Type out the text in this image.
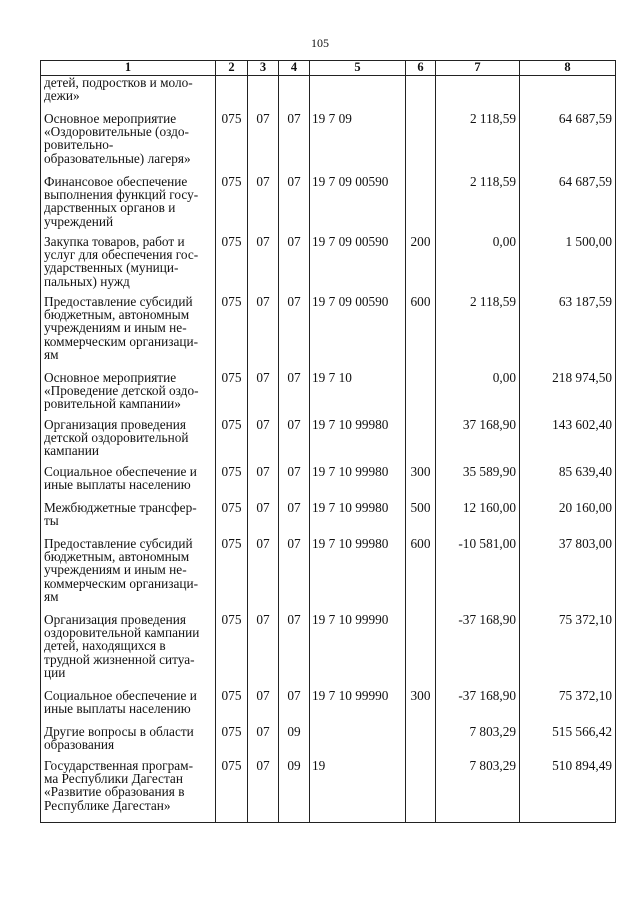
105
1	2	3	4	5	6	7	8

детей, подростков и моло-
дежи»							

Основное мероприятие
«Оздоровительные (оздо-
ровительно-
образовательные) лагеря»	075	07	07	19 7 09		2 118,59	64 687,59

Финансовое обеспечение
выполнения функций госу-
дарственных органов и
учреждений	075	07	07	19 7 09 00590		2 118,59	64 687,59

Закупка товаров, работ и
услуг для обеспечения гос-
ударственных (муници-
пальных) нужд	075	07	07	19 7 09 00590	200	0,00	1 500,00

Предоставление субсидий
бюджетным, автономным
учреждениям и иным не-
коммерческим организаци-
ям	075	07	07	19 7 09 00590	600	2 118,59	63 187,59

Основное мероприятие
«Проведение детской оздо-
ровительной кампании»	075	07	07	19 7 10		0,00	218 974,50

Организация проведения
детской оздоровительной
кампании	075	07	07	19 7 10 99980		37 168,90	143 602,40

Социальное обеспечение и
иные выплаты населению	075	07	07	19 7 10 99980	300	35 589,90	85 639,40

Межбюджетные трансфер-
ты	075	07	07	19 7 10 99980	500	12 160,00	20 160,00

Предоставление субсидий
бюджетным, автономным
учреждениям и иным не-
коммерческим организаци-
ям	075	07	07	19 7 10 99980	600	-10 581,00	37 803,00

Организация проведения
оздоровительной кампании
детей, находящихся в
трудной жизненной ситуа-
ции	075	07	07	19 7 10 99990		-37 168,90	75 372,10

Социальное обеспечение и
иные выплаты населению	075	07	07	19 7 10 99990	300	-37 168,90	75 372,10

Другие вопросы в области
образования	075	07	09			7 803,29	515 566,42

Государственная програм-
ма Республики Дагестан
«Развитие образования в
Республике Дагестан»	075	07	09	19		7 803,29	510 894,49
